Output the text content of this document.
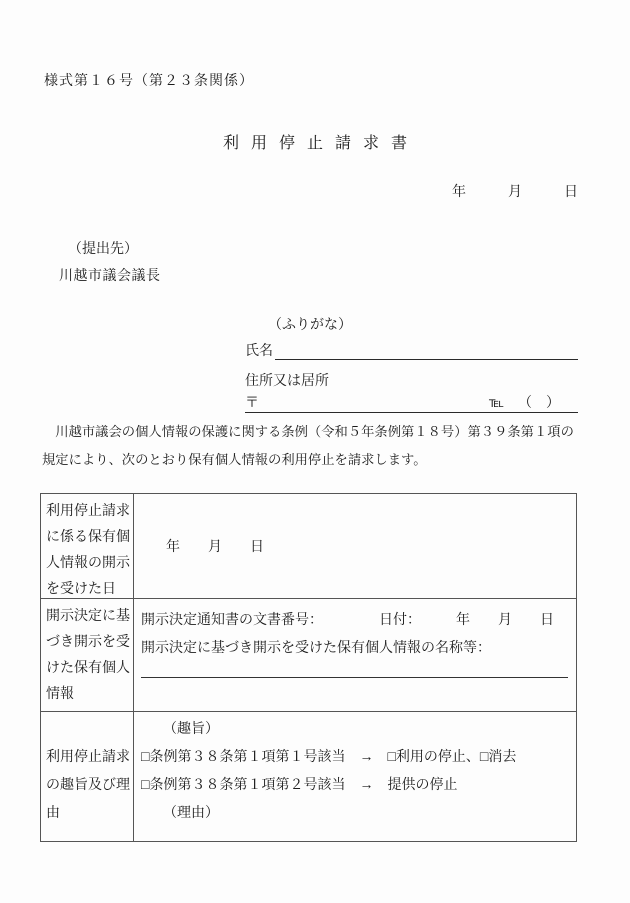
様式第１６号（第２３条関係）
利用停止請求書
年　　　月　　　日
（提出先）
川越市議会議長
（ふりがな）
氏名
住所又は居所
〒	℡ （　）
川越市議会の個人情報の保護に関する条例（令和５年条例第１８号）第３９条第１項の規定により、次のとおり保有個人情報の利用停止を請求します。
利用停止請求に係る保有個人情報の開示を受けた日
年　　月　　日
開示決定に基づき開示を受けた保有個人情報
開示決定通知書の文書番号：	日付：　　　年　　月　　日
開示決定に基づき開示を受けた保有個人情報の名称等：
利用停止請求の趣旨及び理由
（趣旨）
□条例第３８条第１項第１号該当　→　□利用の停止、□消去
□条例第３８条第１項第２号該当　→　提供の停止
（理由）
